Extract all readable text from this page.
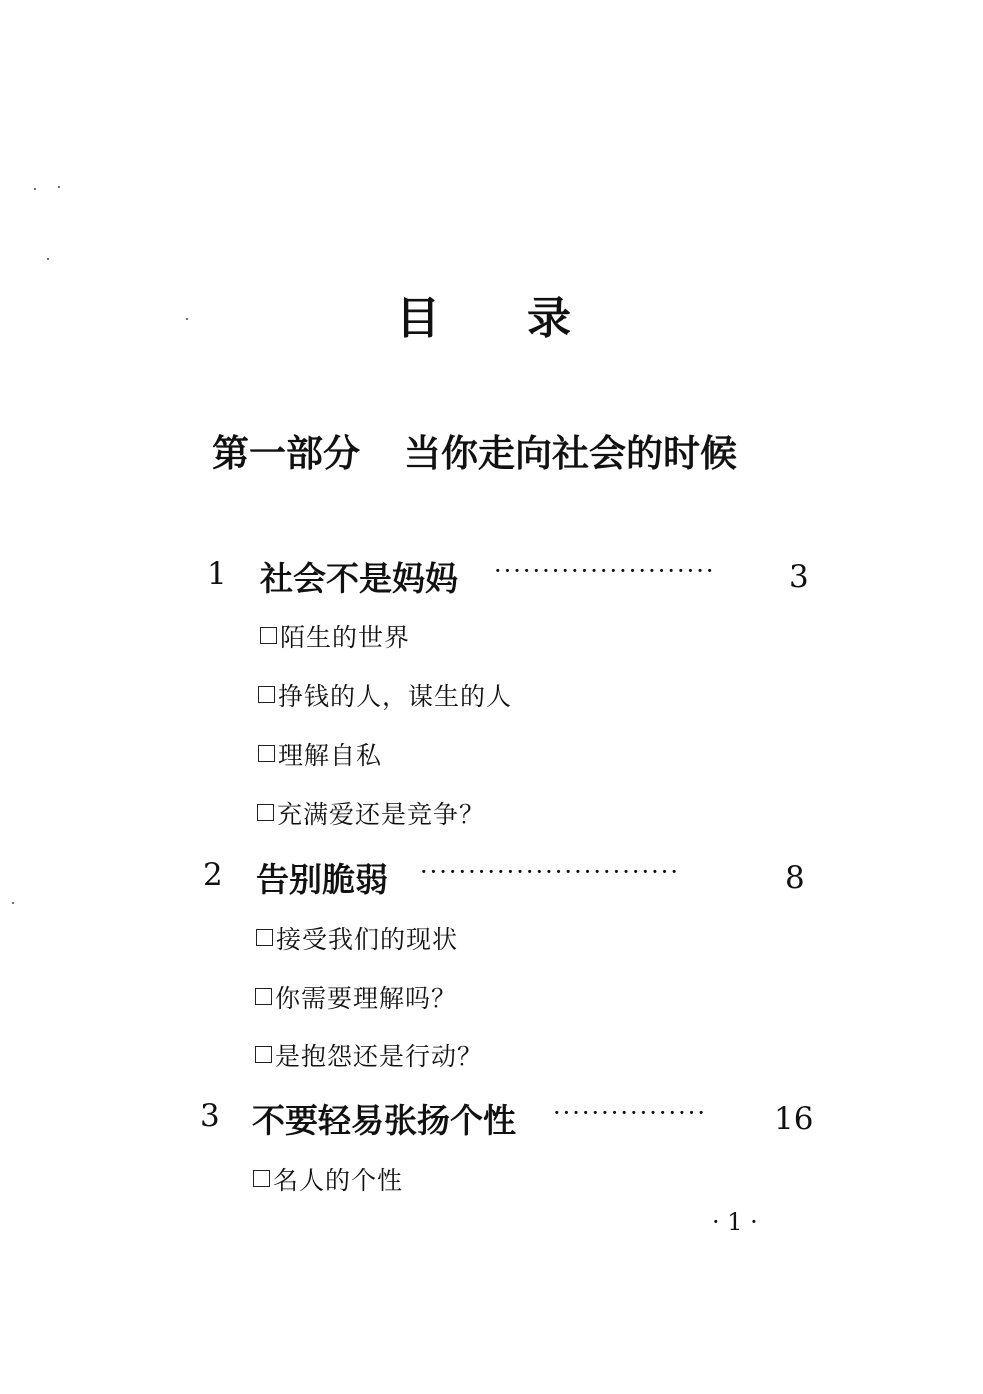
目 录
第一部分 当你走向社会的时候
1 社会不是妈妈 ······················· 3
陌生的世界
挣钱的人，谋生的人
理解自私
充满爱还是竞争？
2 告别脆弱 ···························	8
接受我们的现状
你需要理解吗？
是抱怨还是行动？
3 不要轻易张扬个性 ················ 16
名人的个性
· 1 ·
